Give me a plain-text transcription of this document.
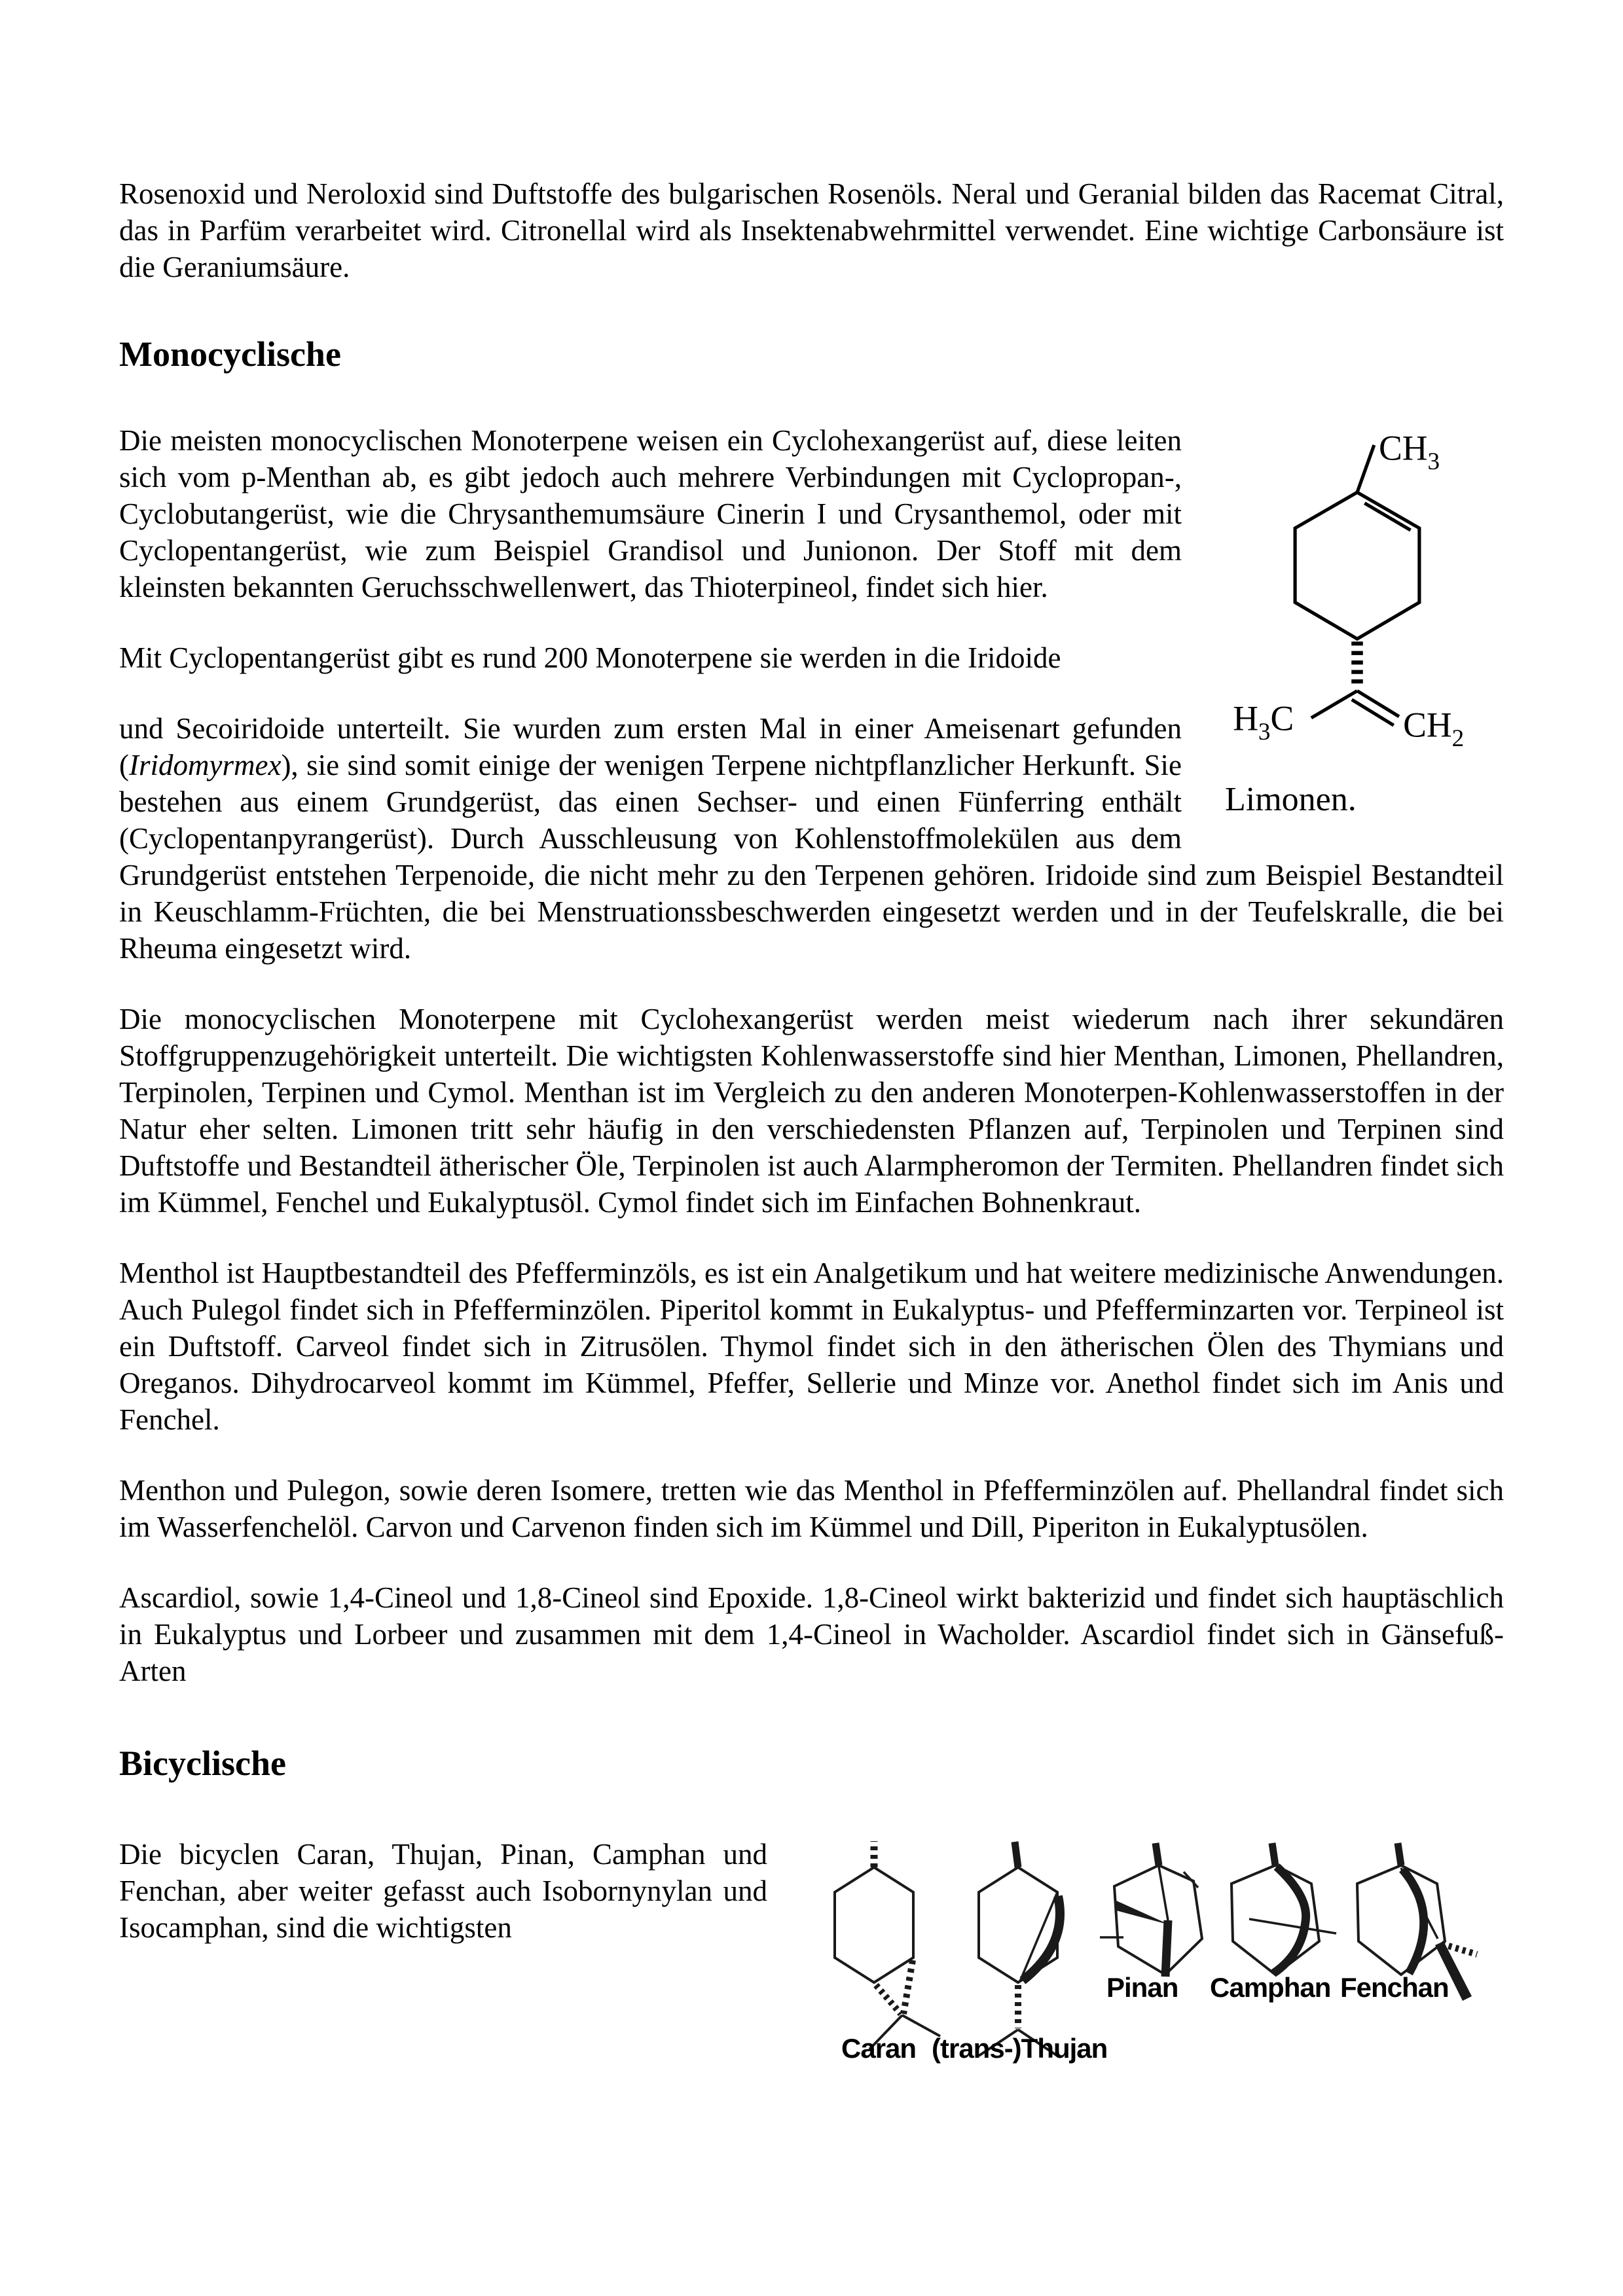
Rosenoxid und Neroloxid sind Duftstoffe des bulgarischen Rosenöls. Neral und Geranial bilden das Racemat Citral, das in Parfüm verarbeitet wird. Citronellal wird als Insektenabwehrmittel verwendet. Eine wichtige Carbonsäure ist die Geraniumsäure.

Monocyclische
$CH_3$
$H_3C$	$CH_2$
Limonen.

Die meisten monocyclischen Monoterpene weisen ein Cyclohexangerüst auf, diese leiten sich vom p-Menthan ab, es gibt jedoch auch mehrere Verbindungen mit Cyclopropan-, Cyclobutangerüst, wie die Chrysanthemumsäure Cinerin I und Crysanthemol, oder mit Cyclopentangerüst, wie zum Beispiel Grandisol und Junionon. Der Stoff mit dem kleinsten bekannten Geruchsschwellenwert, das Thioterpineol, findet sich hier.

Mit Cyclopentangerüst gibt es rund 200 Monoterpene sie werden in die Iridoide

und Secoiridoide unterteilt. Sie wurden zum ersten Mal in einer Ameisenart gefunden (Iridomyrmex), sie sind somit einige der wenigen Terpene nichtpflanzlicher Herkunft. Sie bestehen aus einem Grundgerüst, das einen Sechser- und einen Fünferring enthält (Cyclopentanpyrangerüst). Durch Ausschleusung von Kohlenstoffmolekülen aus dem Grundgerüst entstehen Terpenoide, die nicht mehr zu den Terpenen gehören. Iridoide sind zum Beispiel Bestandteil in Keuschlamm-Früchten, die bei Menstruationssbeschwerden eingesetzt werden und in der Teufelskralle, die bei Rheuma eingesetzt wird.

Die monocyclischen Monoterpene mit Cyclohexangerüst werden meist wiederum nach ihrer sekundären Stoffgruppenzugehörigkeit unterteilt. Die wichtigsten Kohlenwasserstoffe sind hier Menthan, Limonen, Phellandren, Terpinolen, Terpinen und Cymol. Menthan ist im Vergleich zu den anderen Monoterpen-Kohlenwasserstoffen in der Natur eher selten. Limonen tritt sehr häufig in den verschiedensten Pflanzen auf, Terpinolen und Terpinen sind Duftstoffe und Bestandteil ätherischer Öle, Terpinolen ist auch Alarmpheromon der Termiten. Phellandren findet sich im Kümmel, Fenchel und Eukalyptusöl. Cymol findet sich im Einfachen Bohnenkraut.

Menthol ist Hauptbestandteil des Pfefferminzöls, es ist ein Analgetikum und hat weitere medizinische Anwendungen. Auch Pulegol findet sich in Pfefferminzölen. Piperitol kommt in Eukalyptus- und Pfefferminzarten vor. Terpineol ist ein Duftstoff. Carveol findet sich in Zitrusölen. Thymol findet sich in den ätherischen Ölen des Thymians und Oreganos. Dihydrocarveol kommt im Kümmel, Pfeffer, Sellerie und Minze vor. Anethol findet sich im Anis und Fenchel.

Menthon und Pulegon, sowie deren Isomere, tretten wie das Menthol in Pfefferminzölen auf. Phellandral findet sich im Wasserfenchelöl. Carvon und Carvenon finden sich im Kümmel und Dill, Piperiton in Eukalyptusölen.

Ascardiol, sowie 1,4-Cineol und 1,8-Cineol sind Epoxide. 1,8-Cineol wirkt bakterizid und findet sich hauptäschlich in Eukalyptus und Lorbeer und zusammen mit dem 1,4-Cineol in Wacholder. Ascardiol findet sich in Gänsefuß-Arten

Bicyclische

Die bicyclen Caran, Thujan, Pinan, Camphan und Fenchan, aber weiter gefasst auch Isobornynylan und Isocamphan, sind die wichtigsten

Caran (trans-)Thujan
Pinan Camphan Fenchan
